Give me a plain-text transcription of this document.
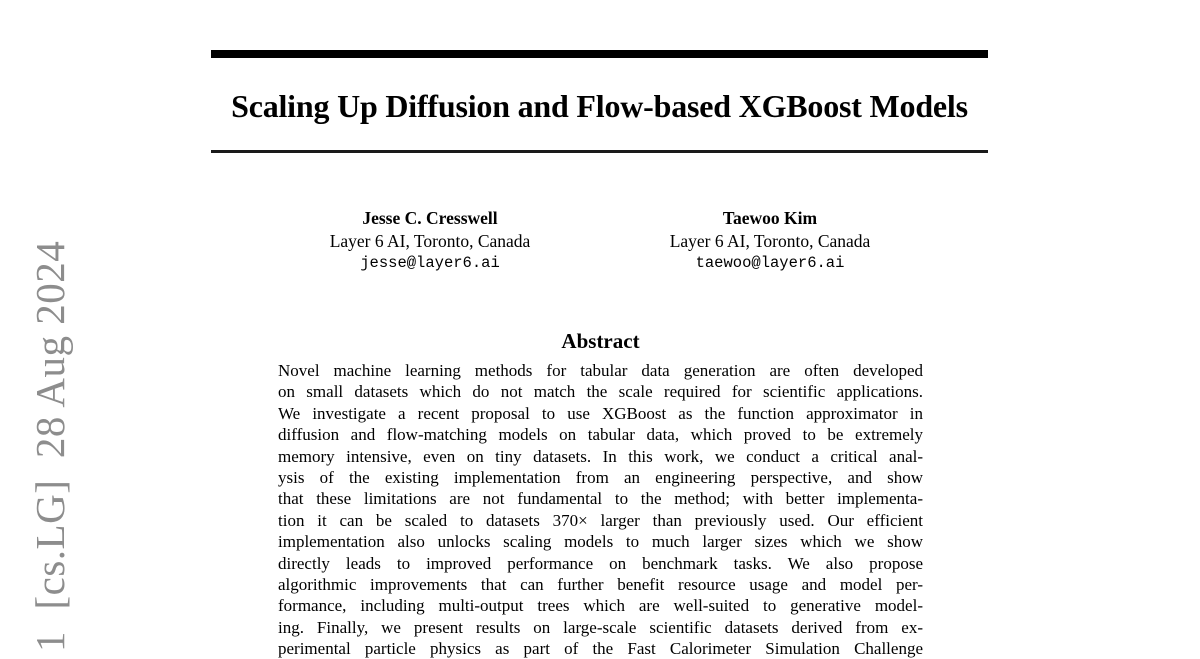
1  [cs.LG]  28 Aug 2024
Scaling Up Diffusion and Flow-based XGBoost Models
Jesse C. Cresswell
Layer 6 AI, Toronto, Canada
jesse@layer6.ai
Taewoo Kim
Layer 6 AI, Toronto, Canada
taewoo@layer6.ai
Abstract
Novel machine learning methods for tabular data generation are often developed
on small datasets which do not match the scale required for scientific applications.
We investigate a recent proposal to use XGBoost as the function approximator in
diffusion and flow-matching models on tabular data, which proved to be extremely
memory intensive, even on tiny datasets. In this work, we conduct a critical anal-
ysis of the existing implementation from an engineering perspective, and show
that these limitations are not fundamental to the method; with better implementa-
tion it can be scaled to datasets 370× larger than previously used. Our efficient
implementation also unlocks scaling models to much larger sizes which we show
directly leads to improved performance on benchmark tasks. We also propose
algorithmic improvements that can further benefit resource usage and model per-
formance, including multi-output trees which are well-suited to generative model-
ing. Finally, we present results on large-scale scientific datasets derived from ex-
perimental particle physics as part of the Fast Calorimeter Simulation Challenge
